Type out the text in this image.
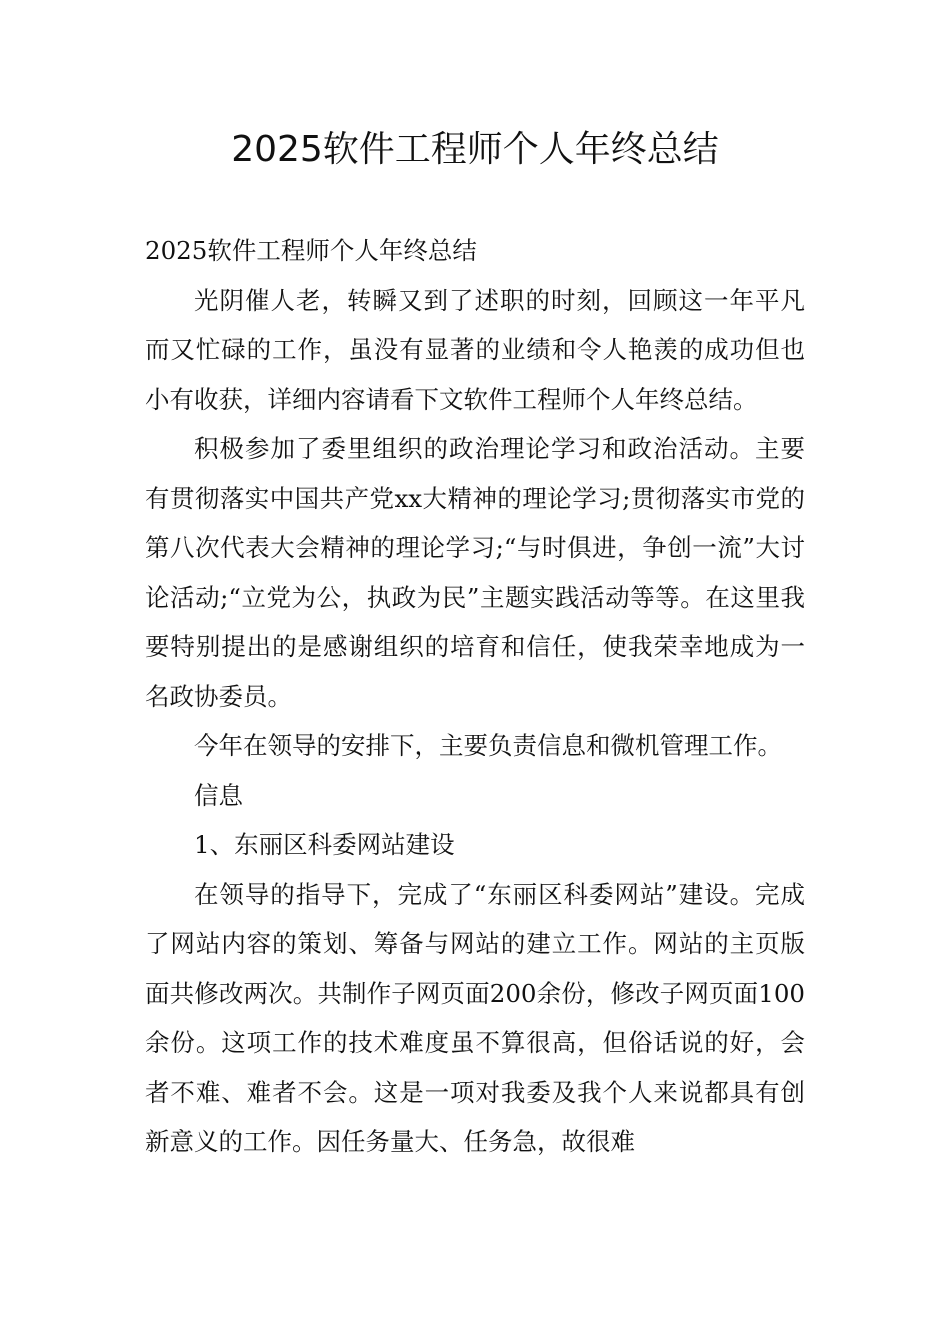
2025软件工程师个人年终总结

2025软件工程师个人年终总结

光阴催人老，转瞬又到了述职的时刻，回顾这一年平凡而又忙碌的工作，虽没有显著的业绩和令人艳羡的成功但也小有收获，详细内容请看下文软件工程师个人年终总结。

积极参加了委里组织的政治理论学习和政治活动。主要有贯彻落实中国共产党xx大精神的理论学习;贯彻落实市党的第八次代表大会精神的理论学习;“与时俱进，争创一流”大讨论活动;“立党为公，执政为民”主题实践活动等等。在这里我要特别提出的是感谢组织的培育和信任，使我荣幸地成为一名政协委员。

今年在领导的安排下，主要负责信息和微机管理工作。

信息

1、东丽区科委网站建设

在领导的指导下，完成了“东丽区科委网站”建设。完成了网站内容的策划、筹备与网站的建立工作。网站的主页版面共修改两次。共制作子网页面200余份，修改子网页面100余份。这项工作的技术难度虽不算很高，但俗话说的好，会者不难、难者不会。这是一项对我委及我个人来说都具有创新意义的工作。因任务量大、任务急，故很难
